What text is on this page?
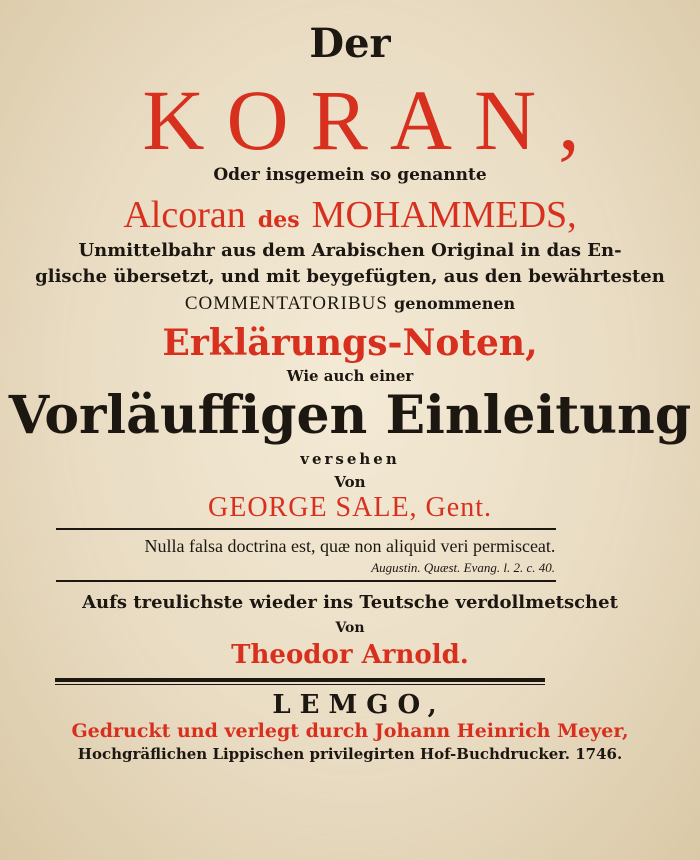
Der
KORAN,
Oder insgemein so genannte
Alcoran des MOHAMMEDS,
Unmittelbahr aus dem Arabischen Original in das En-
glische übersetzt, und mit beygefügten, aus den bewährtesten
COMMENTATORIBUS genommenen
Erklärungs-Noten,
Wie auch einer
Vorläuffigen Einleitung
versehen
Von
GEORGE SALE, Gent.
Nulla falsa doctrina est, quæ non aliquid veri permisceat.
Augustin. Quæst. Evang. l. 2. c. 40.
Aufs treulichste wieder ins Teutsche verdollmetschet
Von
Theodor Arnold.
LEMGO,
Gedruckt und verlegt durch Johann Heinrich Meyer,
Hochgräflichen Lippischen privilegirten Hof-Buchdrucker. 1746.
